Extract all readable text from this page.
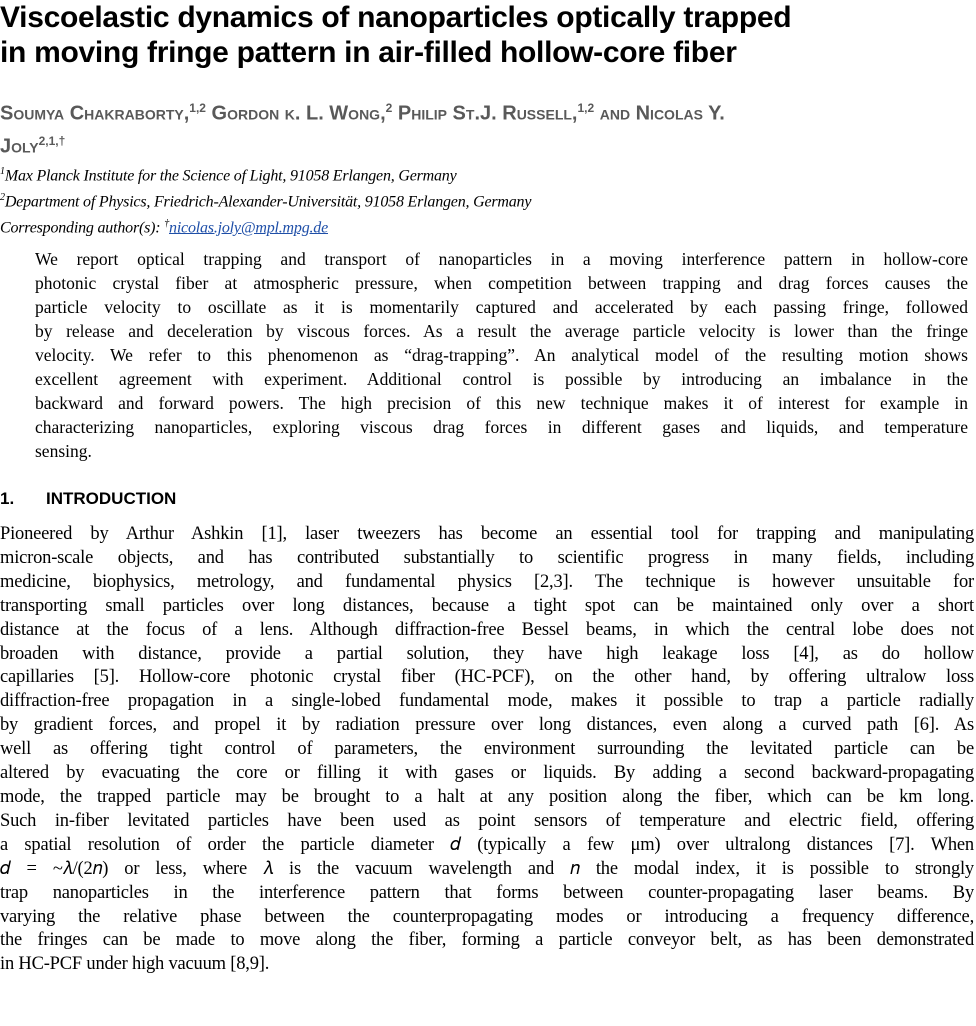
Viscoelastic dynamics of nanoparticles optically trapped
in moving fringe pattern in air-filled hollow-core fiber
Soumya Chakraborty,$^{1,2}$ Gordon k. L. Wong,$^2$ Philip St.J. Russell,$^{1,2}$ and Nicolas Y.
Joly$^{2,1,\dagger}$
$^1$Max Planck Institute for the Science of Light, 91058 Erlangen, Germany
$^2$Department of Physics, Friedrich-Alexander-Universität, 91058 Erlangen, Germany
Corresponding author(s): †nicolas.joly@mpl.mpg.de
We report optical trapping and transport of nanoparticles in a moving interference pattern in hollow-core
photonic crystal fiber at atmospheric pressure, when competition between trapping and drag forces causes the
particle velocity to oscillate as it is momentarily captured and accelerated by each passing fringe, followed
by release and deceleration by viscous forces. As a result the average particle velocity is lower than the fringe
velocity. We refer to this phenomenon as “drag-trapping”. An analytical model of the resulting motion shows
excellent agreement with experiment. Additional control is possible by introducing an imbalance in the
backward and forward powers. The high precision of this new technique makes it of interest for example in
characterizing nanoparticles, exploring viscous drag forces in different gases and liquids, and temperature
sensing.
1. INTRODUCTION
Pioneered by Arthur Ashkin [1], laser tweezers has become an essential tool for trapping and manipulating
micron-scale objects, and has contributed substantially to scientific progress in many fields, including
medicine, biophysics, metrology, and fundamental physics [2,3]. The technique is however unsuitable for
transporting small particles over long distances, because a tight spot can be maintained only over a short
distance at the focus of a lens. Although diffraction-free Bessel beams, in which the central lobe does not
broaden with distance, provide a partial solution, they have high leakage loss [4], as do hollow
capillaries [5]. Hollow-core photonic crystal fiber (HC-PCF), on the other hand, by offering ultralow loss
diffraction-free propagation in a single-lobed fundamental mode, makes it possible to trap a particle radially
by gradient forces, and propel it by radiation pressure over long distances, even along a curved path [6]. As
well as offering tight control of parameters, the environment surrounding the levitated particle can be
altered by evacuating the core or filling it with gases or liquids. By adding a second backward-propagating
mode, the trapped particle may be brought to a halt at any position along the fiber, which can be km long.
Such in-fiber levitated particles have been used as point sensors of temperature and electric field, offering
a spatial resolution of order the particle diameter 𝑑 (typically a few μm) over ultralong distances [7]. When
𝑑 = ~𝜆/(2𝑛) or less, where 𝜆 is the vacuum wavelength and 𝑛 the modal index, it is possible to strongly
trap nanoparticles in the interference pattern that forms between counter-propagating laser beams. By
varying the relative phase between the counterpropagating modes or introducing a frequency difference,
the fringes can be made to move along the fiber, forming a particle conveyor belt, as has been demonstrated
in HC-PCF under high vacuum [8,9].
